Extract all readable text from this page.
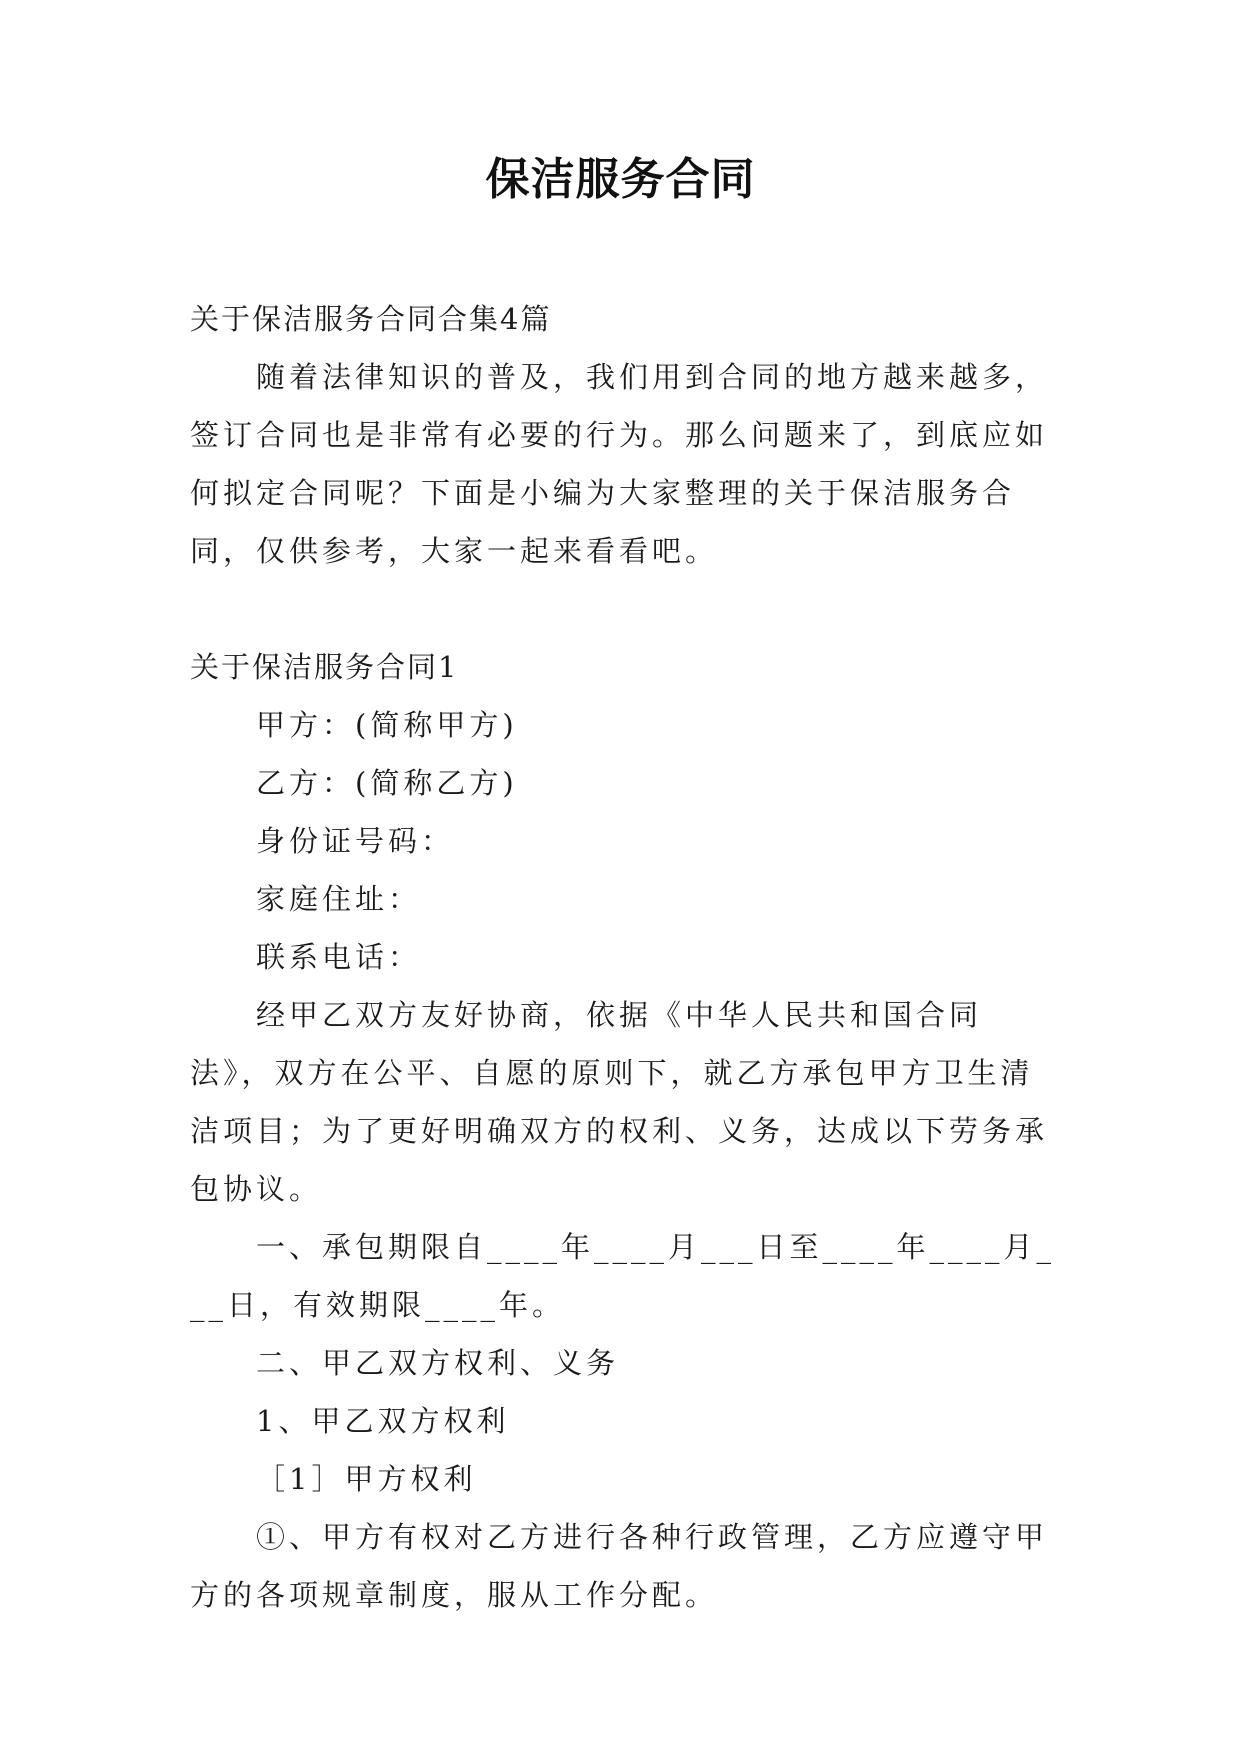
保洁服务合同

关于保洁服务合同合集4篇

随着法律知识的普及，我们用到合同的地方越来越多，签订合同也是非常有必要的行为。那么问题来了，到底应如何拟定合同呢？下面是小编为大家整理的关于保洁服务合同，仅供参考，大家一起来看看吧。

关于保洁服务合同1

甲方：(简称甲方)

乙方：(简称乙方)

身份证号码：

家庭住址：

联系电话：

经甲乙双方友好协商，依据《中华人民共和国合同法》，双方在公平、自愿的原则下，就乙方承包甲方卫生清洁项目；为了更好明确双方的权利、义务，达成以下劳务承包协议。

一、承包期限自____年____月___日至____年____月___日，有效期限____年。

二、甲乙双方权利、义务

1、甲乙双方权利

［1］甲方权利

①、甲方有权对乙方进行各种行政管理，乙方应遵守甲方的各项规章制度，服从工作分配。
